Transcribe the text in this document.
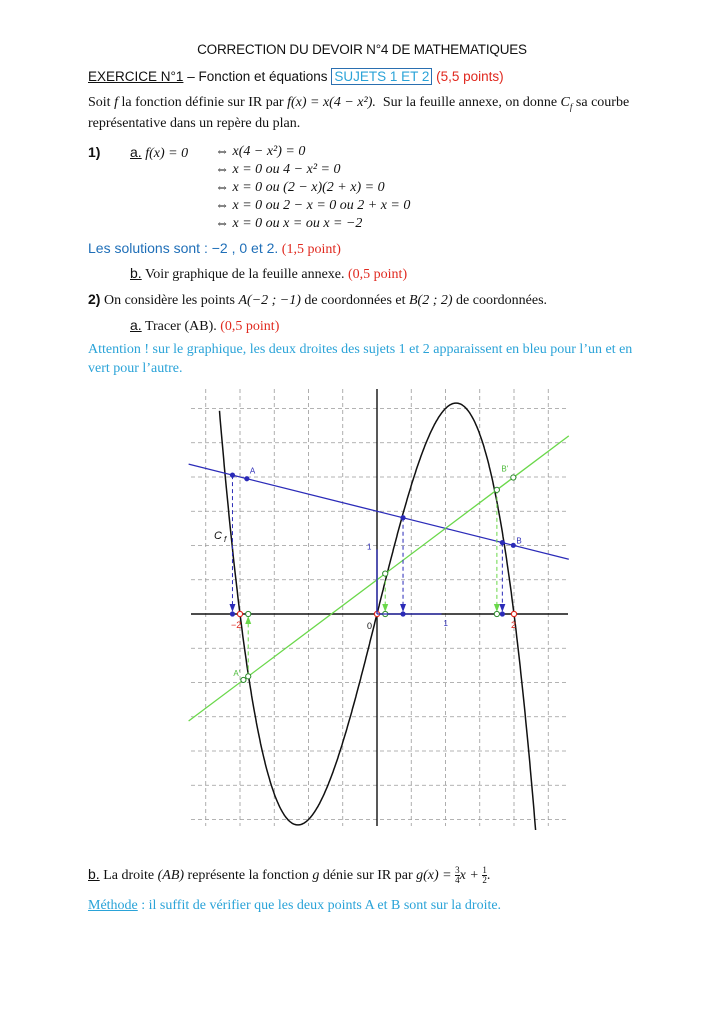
CORRECTION DU DEVOIR N°4 DE MATHEMATIQUES
EXERCICE N°1 – Fonction et équations SUJETS 1 ET 2 (5,5 points)
Soit f la fonction définie sur IR par f(x) = x(4 − x²). Sur la feuille annexe, on donne $C_f$ sa courbe
représentative dans un repère du plan.
1) a. f(x) = 0 ⇔ x(4 − x²) = 0
⇔ x = 0 ou 4 − x² = 0
⇔ x = 0 ou (2 − x)(2 + x) = 0
⇔ x = 0 ou 2 − x = 0 ou 2 + x = 0
⇔ x = 0 ou x = ou x = −2
Les solutions sont : −2 , 0 et 2. (1,5 point)
b. Voir graphique de la feuille annexe. (0,5 point)
2) On considère les points A(−2 ; −1) de coordonnées et B(2 ; 2) de coordonnées.
a. Tracer (AB). (0,5 point)
Attention ! sur le graphique, les deux droites des sujets 1 et 2 apparaissent en bleu pour l’un et en
vert pour l’autre.
A
B
A'
B'
C f
0	1
1
−2	2
b. La droite (AB) représente la fonction g dénie sur IR par $g(x) = \frac{3}{4}$ $x + \frac{1}{2}$ .
Méthode : il suffit de vérifier que les deux points A et B sont sur la droite.
